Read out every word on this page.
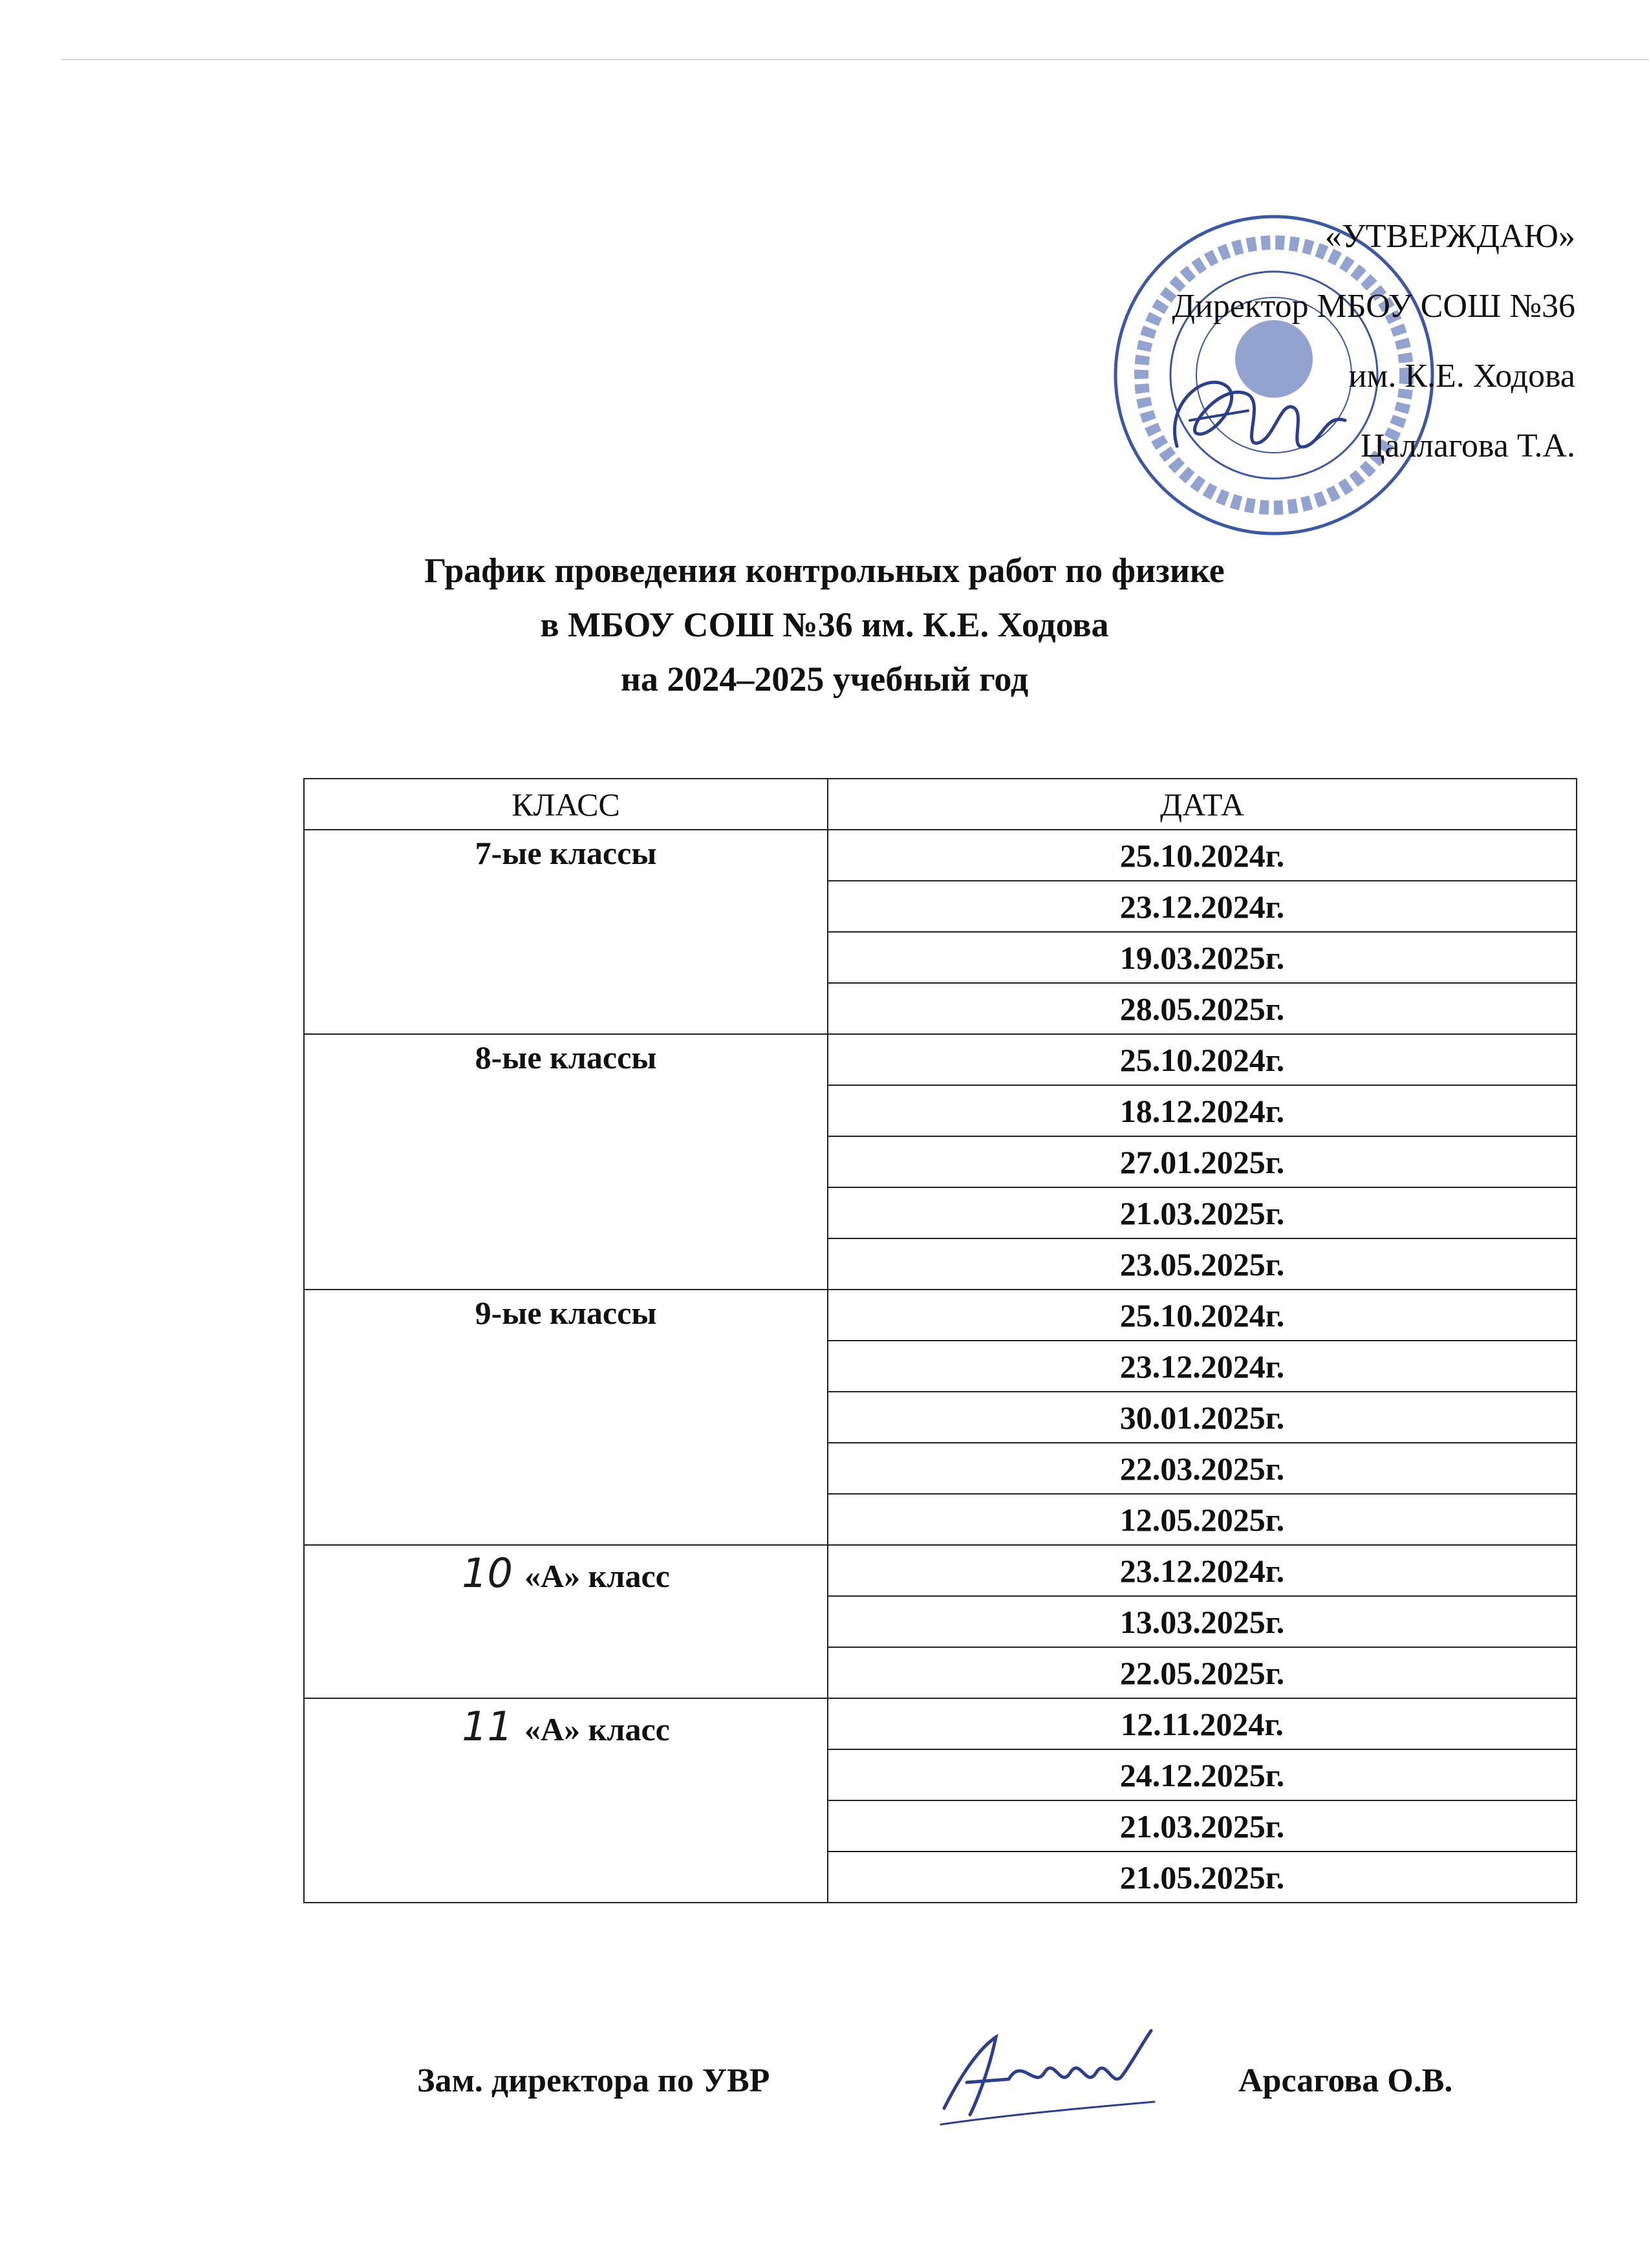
«УТВЕРЖДАЮ»
Директор МБОУ СОШ №36
им. К.Е. Ходова
Цаллагова Т.А.
График проведения контрольных работ по физике
в МБОУ СОШ №36 им. К.Е. Ходова
на 2024–2025 учебный год
КЛАСС	ДАТА
7-ые классы	25.10.2024г.
	23.12.2024г.
	19.03.2025г.
	28.05.2025г.
8-ые классы	25.10.2024г.
	18.12.2024г.
	27.01.2025г.
	21.03.2025г.
	23.05.2025г.
9-ые классы	25.10.2024г.
	23.12.2024г.
	30.01.2025г.
	22.03.2025г.
	12.05.2025г.
10 «А» класс	23.12.2024г.
	13.03.2025г.
	22.05.2025г.
11 «А» класс	12.11.2024г.
	24.12.2025г.
	21.03.2025г.
	21.05.2025г.
Зам. директора по УВР	Арсагова О.В.
